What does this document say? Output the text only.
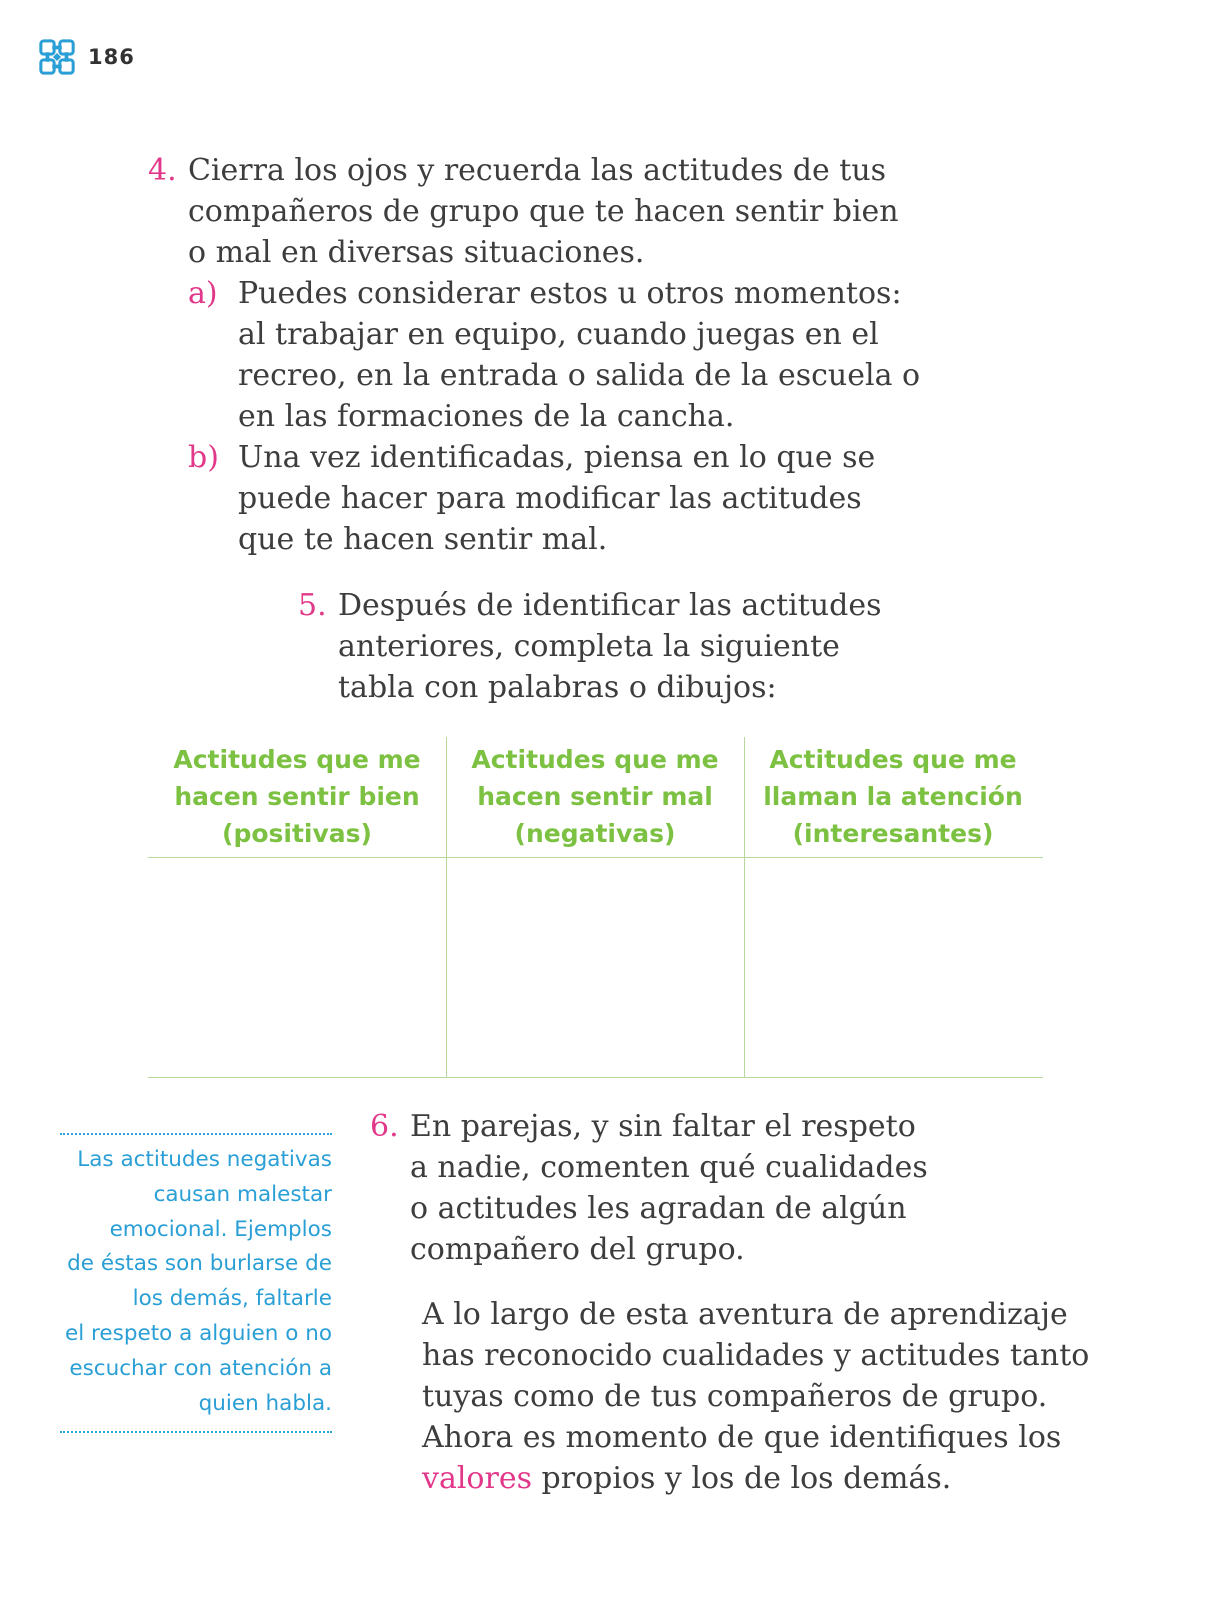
186
4. Cierra los ojos y recuerda las actitudes de tus
compañeros de grupo que te hacen sentir bien
o mal en diversas situaciones.
a) Puedes considerar estos u otros momentos:
al trabajar en equipo, cuando juegas en el
recreo, en la entrada o salida de la escuela o
en las formaciones de la cancha.
b) Una vez identificadas, piensa en lo que se
puede hacer para modificar las actitudes
que te hacen sentir mal.
5. Después de identificar las actitudes
anteriores, completa la siguiente
tabla con palabras o dibujos:
Actitudes que me
hacen sentir bien
(positivas)
Actitudes que me
hacen sentir mal
(negativas)
Actitudes que me
llaman la atención
(interesantes)
Las actitudes negativas
causan malestar
emocional. Ejemplos
de éstas son burlarse de
los demás, faltarle
el respeto a alguien o no
escuchar con atención a
quien habla.
6. En parejas, y sin faltar el respeto
a nadie, comenten qué cualidades
o actitudes les agradan de algún
compañero del grupo.
A lo largo de esta aventura de aprendizaje
has reconocido cualidades y actitudes tanto
tuyas como de tus compañeros de grupo.
Ahora es momento de que identifiques los
valores propios y los de los demás.
